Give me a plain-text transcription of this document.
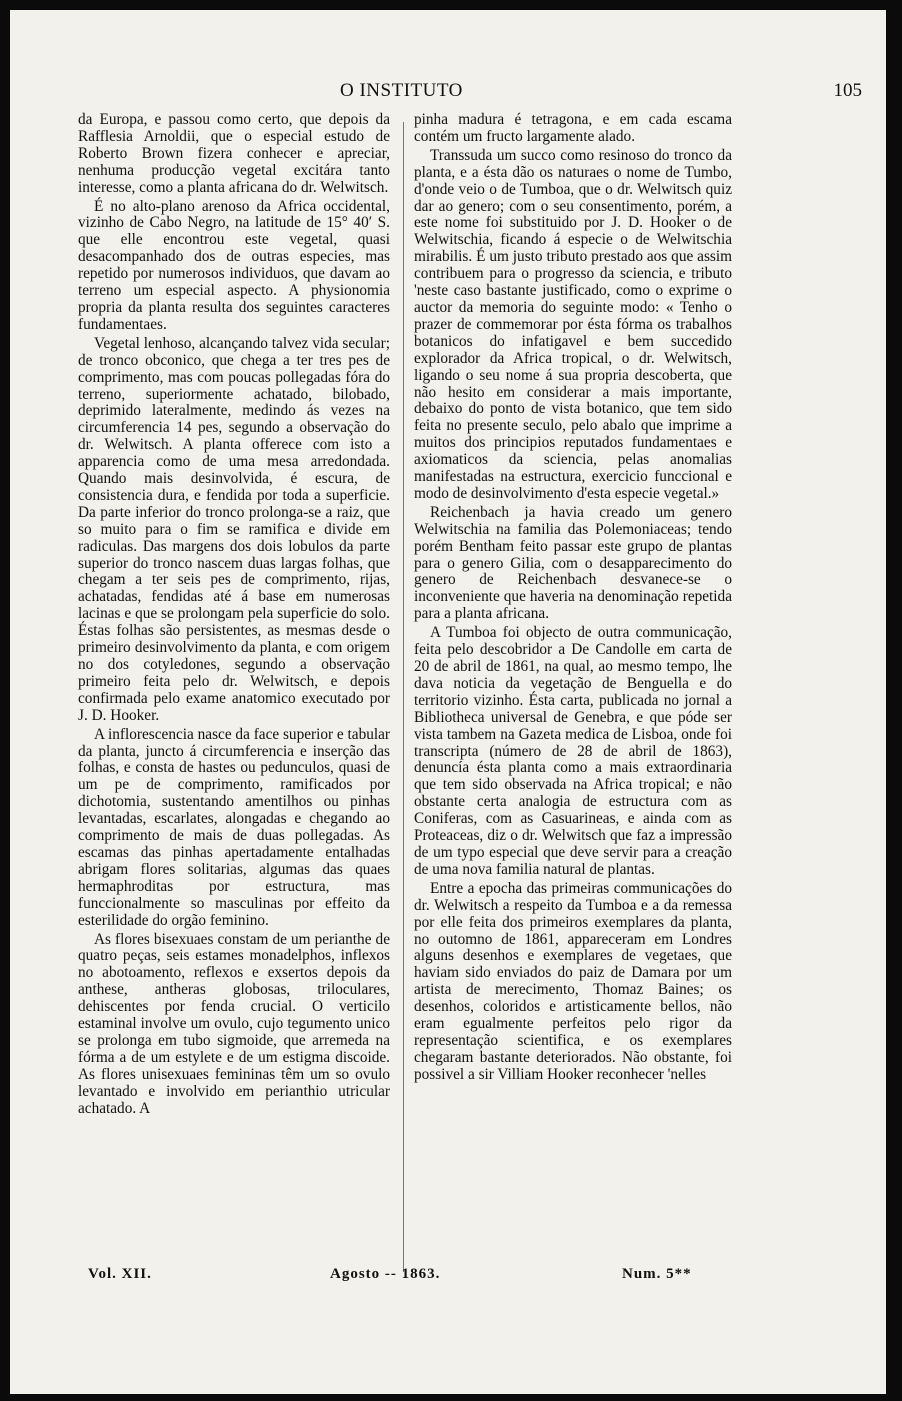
O INSTITUTO	105

da Europa, e passou como certo, que depois da Rafflesia Arnoldii, que o especial estudo de Roberto Brown fizera conhecer e apreciar, nenhuma producção vegetal excitára tanto interesse, como a planta africana do dr. Welwitsch.

É no alto-plano arenoso da Africa occidental, vizinho de Cabo Negro, na latitude de 15° 40′ S. que elle encontrou este vegetal, quasi desacompanhado dos de outras especies, mas repetido por numerosos individuos, que davam ao terreno um especial aspecto. A physionomia propria da planta resulta dos seguintes caracteres fundamentaes.

Vegetal lenhoso, alcançando talvez vida secular; de tronco obconico, que chega a ter tres pes de comprimento, mas com poucas pollegadas fóra do terreno, superiormente achatado, bilobado, deprimido lateralmente, medindo ás vezes na circumferencia 14 pes, segundo a observação do dr. Welwitsch. A planta offerece com isto a apparencia como de uma mesa arredondada. Quando mais desinvolvida, é escura, de consistencia dura, e fendida por toda a superficie. Da parte inferior do tronco prolonga-se a raiz, que so muito para o fim se ramifica e divide em radiculas. Das margens dos dois lobulos da parte superior do tronco nascem duas largas folhas, que chegam a ter seis pes de comprimento, rijas, achatadas, fendidas até á base em numerosas lacinas e que se prolongam pela superficie do solo. Éstas folhas são persistentes, as mesmas desde o primeiro desinvolvimento da planta, e com origem no dos cotyledones, segundo a observação primeiro feita pelo dr. Welwitsch, e depois confirmada pelo exame anatomico executado por J. D. Hooker.

A inflorescencia nasce da face superior e tabular da planta, juncto á circumferencia e inserção das folhas, e consta de hastes ou pedunculos, quasi de um pe de comprimento, ramificados por dichotomia, sustentando amentilhos ou pinhas levantadas, escarlates, alongadas e chegando ao comprimento de mais de duas pollegadas. As escamas das pinhas apertadamente entalhadas abrigam flores solitarias, algumas das quaes hermaphroditas por estructura, mas funccionalmente so masculinas por effeito da esterilidade do orgão feminino.

As flores bisexuaes constam de um perianthe de quatro peças, seis estames monadelphos, inflexos no abotoamento, reflexos e exsertos depois da anthese, antheras globosas, triloculares, dehiscentes por fenda crucial. O verticilo estaminal involve um ovulo, cujo tegumento unico se prolonga em tubo sigmoide, que arremeda na fórma a de um estylete e de um estigma discoide. As flores unisexuaes femininas têm um so ovulo levantado e involvido em perianthio utricular achatado. A

pinha madura é tetragona, e em cada escama contém um fructo largamente alado.

Transsuda um succo como resinoso do tronco da planta, e a ésta dão os naturaes o nome de Tumbo, d'onde veio o de Tumboa, que o dr. Welwitsch quiz dar ao genero; com o seu consentimento, porém, a este nome foi substituido por J. D. Hooker o de Welwitschia, ficando á especie o de Welwitschia mirabilis. É um justo tributo prestado aos que assim contribuem para o progresso da sciencia, e tributo 'neste caso bastante justificado, como o exprime o auctor da memoria do seguinte modo: « Tenho o prazer de commemorar por ésta fórma os trabalhos botanicos do infatigavel e bem succedido explorador da Africa tropical, o dr. Welwitsch, ligando o seu nome á sua propria descoberta, que não hesito em considerar a mais importante, debaixo do ponto de vista botanico, que tem sido feita no presente seculo, pelo abalo que imprime a muitos dos principios reputados fundamentaes e axiomaticos da sciencia, pelas anomalias manifestadas na estructura, exercicio funccional e modo de desinvolvimento d'esta especie vegetal.»

Reichenbach ja havia creado um genero Welwitschia na familia das Polemoniaceas; tendo porém Bentham feito passar este grupo de plantas para o genero Gilia, com o desapparecimento do genero de Reichenbach desvanece-se o inconveniente que haveria na denominação repetida para a planta africana.

A Tumboa foi objecto de outra communicação, feita pelo descobridor a De Candolle em carta de 20 de abril de 1861, na qual, ao mesmo tempo, lhe dava noticia da vegetação de Benguella e do territorio vizinho. Ésta carta, publicada no jornal a Bibliotheca universal de Genebra, e que póde ser vista tambem na Gazeta medica de Lisboa, onde foi transcripta (número de 28 de abril de 1863), denuncía ésta planta como a mais extraordinaria que tem sido observada na Africa tropical; e não obstante certa analogia de estructura com as Coniferas, com as Casuarineas, e ainda com as Proteaceas, diz o dr. Welwitsch que faz a impressão de um typo especial que deve servir para a creação de uma nova familia natural de plantas.

Entre a epocha das primeiras communicações do dr. Welwitsch a respeito da Tumboa e a da remessa por elle feita dos primeiros exemplares da planta, no outomno de 1861, appareceram em Londres alguns desenhos e exemplares de vegetaes, que haviam sido enviados do paiz de Damara por um artista de merecimento, Thomaz Baines; os desenhos, coloridos e artisticamente bellos, não eram egualmente perfeitos pelo rigor da representação scientifica, e os exemplares chegaram bastante deteriorados. Não obstante, foi possivel a sir Villiam Hooker reconhecer 'nelles

Vol. XII.	Agosto -- 1863.	Num. 5**
